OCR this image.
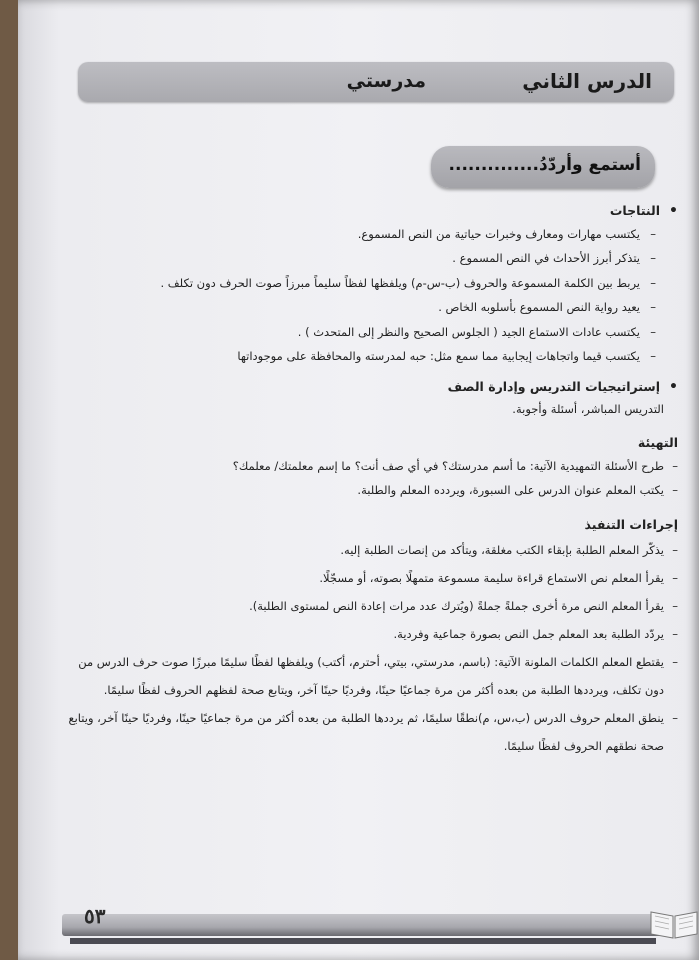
الدرس الثاني
مدرستي
أستمع وأردّدُ..............

• النتاجات

– يكتسب مهارات ومعارف وخبرات حياتية من النص المسموع.
– يتذكر أبرز الأحداث في النص المسموع .
– يربط بين الكلمة المسموعة والحروف (ب-س-م) ويلفظها لفظاً سليماً مبرزاً صوت الحرف دون تكلف .
– يعيد رواية النص المسموع بأسلوبه الخاص .
– يكتسب عادات الاستماع الجيد ( الجلوس الصحيح والنظر إلى المتحدث ) .
– يكتسب قيما واتجاهات إيجابية مما سمع مثل: حبه لمدرسته والمحافظة على موجوداتها

• إستراتيجيات التدريس وإدارة الصف

التدريس المباشر، أسئلة وأجوبة.

التهيئة

– طرح الأسئلة التمهيدية الآتية: ما أسم مدرستك؟ في أي صف أنت؟ ما إسم معلمتك/ معلمك؟
– يكتب المعلم عنوان الدرس على السبورة، ويردده المعلم والطلبة.

إجراءات التنفيذ

– يذكّر المعلم الطلبة بإبقاء الكتب مغلقة، ويتأكد من إنصات الطلبة إليه.
– يقرأ المعلم نص الاستماع قراءة سليمة مسموعة متمهلًا بصوته، أو مسجّلًا.
– يقرأ المعلم النص مرة أخرى جملةً جملةً (ويُترك عدد مرات إعادة النص لمستوى الطلبة).
– يردّد الطلبة بعد المعلم جمل النص بصورة جماعية وفردية.
– يقتطع المعلم الكلمات الملونة الآتية: (باسم، مدرستي، بيتي، أحترم، أكتب) ويلفظها لفظًا سليمًا مبرزًا صوت حرف الدرس من دون تكلف، ويرددها الطلبة من بعده أكثر من مرة جماعيًا حينًا، وفرديًا حينًا آخر، ويتابع صحة لفظهم الحروف لفظًا سليمًا.
– ينطق المعلم حروف الدرس (ب،س، م)نطقًا سليمًا، ثم يرددها الطلبة من بعده أكثر من مرة جماعيًا حينًا، وفرديًا حينًا آخر، ويتابع صحة نطقهم الحروف لفظًا سليمًا.
٥٣
